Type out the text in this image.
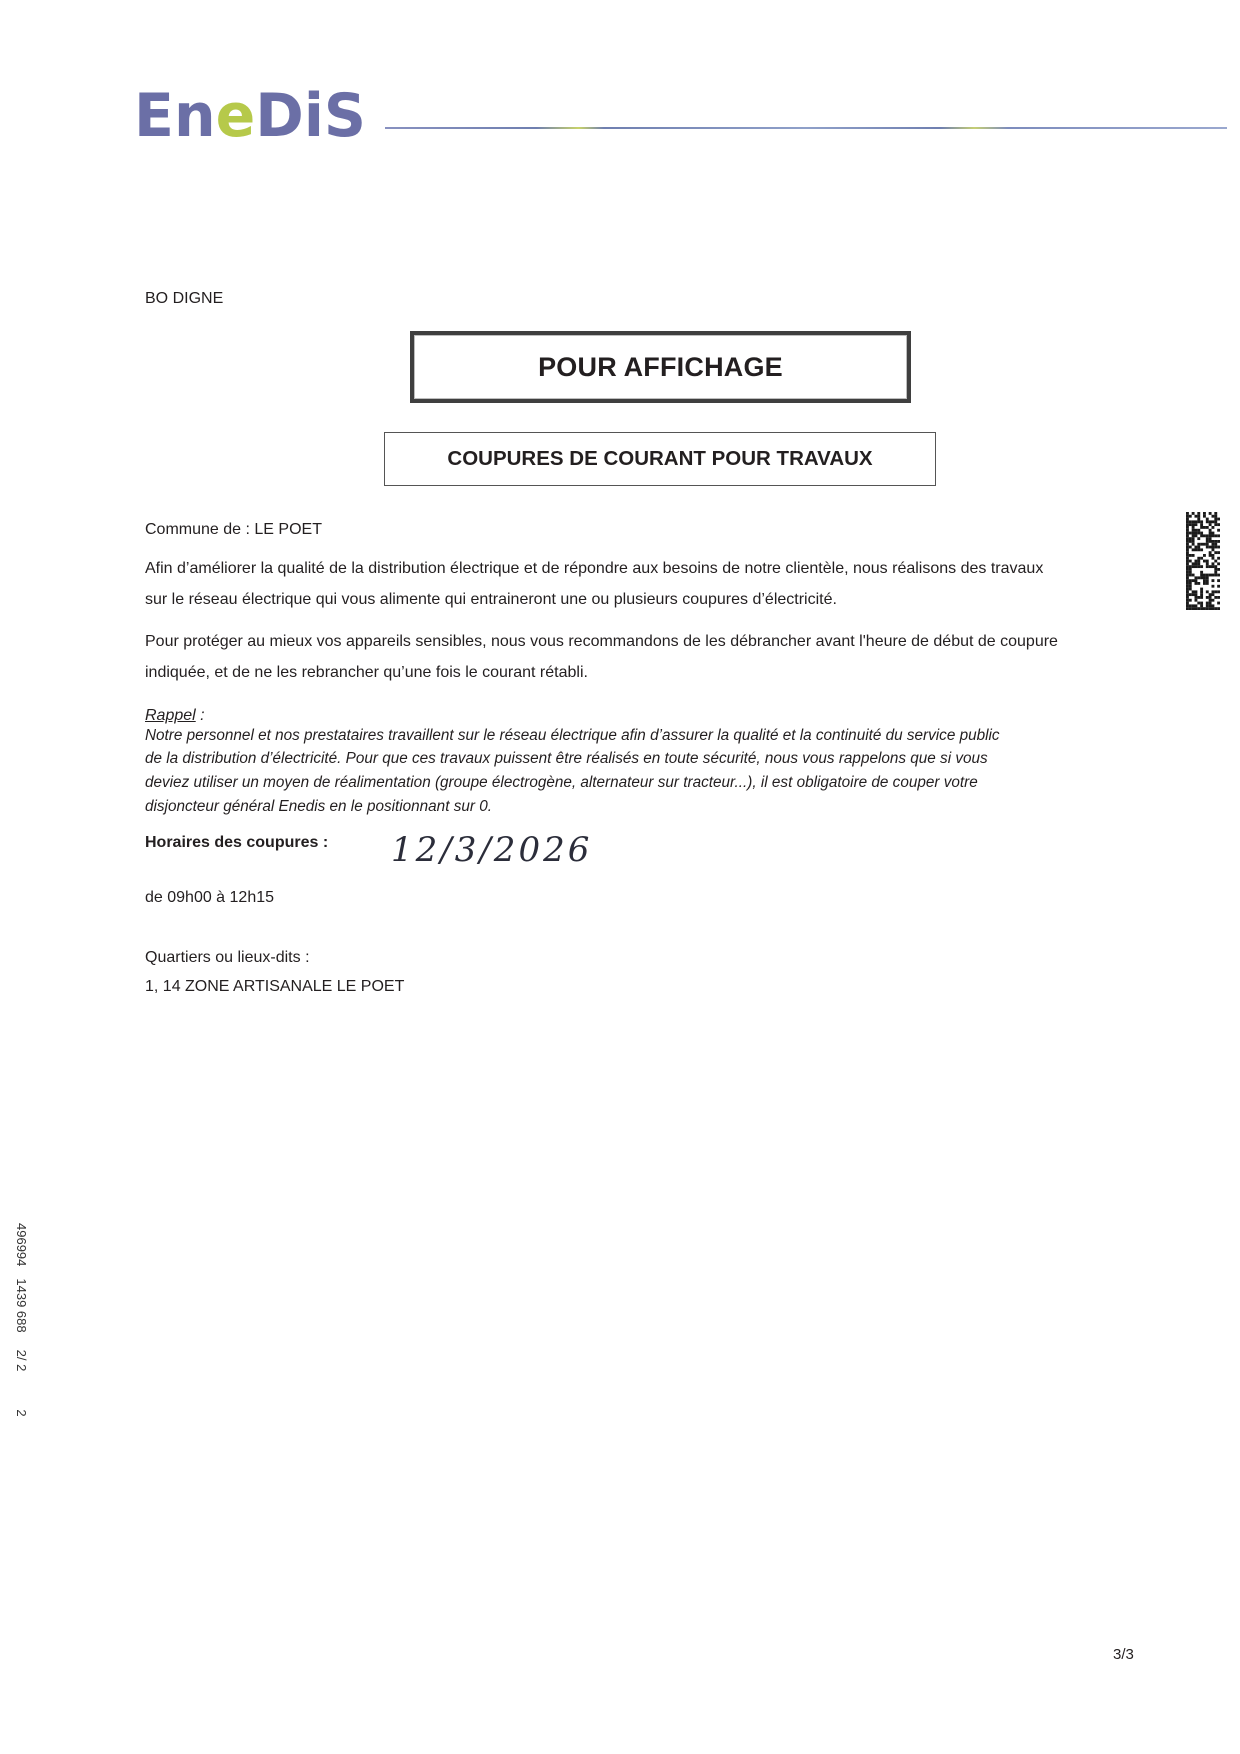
EneDiS
BO DIGNE
POUR AFFICHAGE
COUPURES DE COURANT POUR TRAVAUX
Commune de : LE POET
Afin d’améliorer la qualité de la distribution électrique et de répondre aux besoins de notre clientèle, nous réalisons des travaux
sur le réseau électrique qui vous alimente qui entraineront une ou plusieurs coupures d’électricité.
Pour protéger au mieux vos appareils sensibles, nous vous recommandons de les débrancher avant l'heure de début de coupure
indiquée, et de ne les rebrancher qu’une fois le courant rétabli.
Rappel :
Notre personnel et nos prestataires travaillent sur le réseau électrique afin d’assurer la qualité et la continuité du service public
de la distribution d’électricité. Pour que ces travaux puissent être réalisés en toute sécurité, nous vous rappelons que si vous
deviez utiliser un moyen de réalimentation (groupe électrogène, alternateur sur tracteur...), il est obligatoire de couper votre
disjoncteur général Enedis en le positionnant sur 0.
Horaires des coupures : 12/3/2026
de 09h00 à 12h15
Quartiers ou lieux-dits :
1, 14 ZONE ARTISANALE LE POET
4969941439 6882/ 22
3/3
